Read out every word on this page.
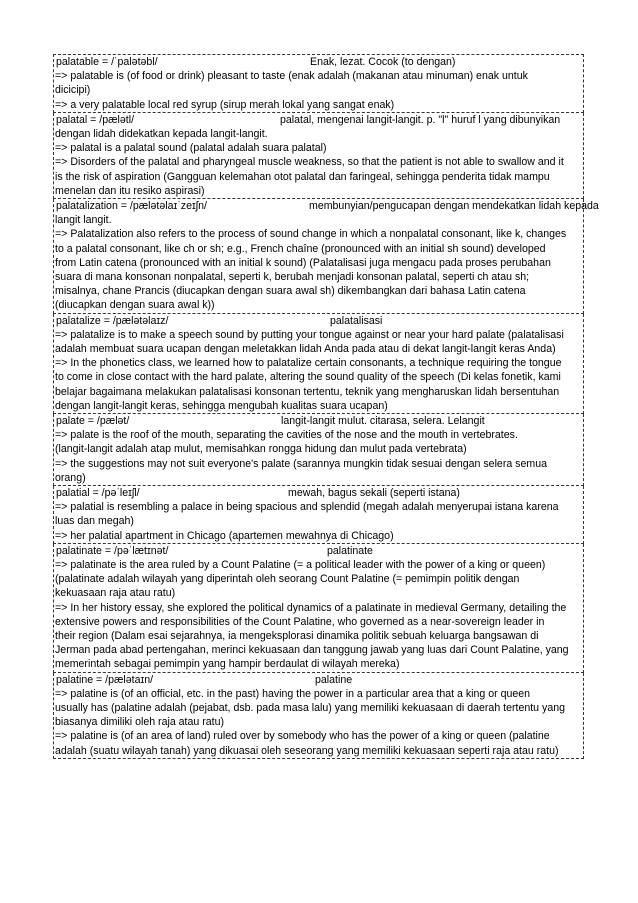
palatable = /ˈpalətəbl/	Enak, lezat. Cocok (to dengan)
=> palatable is (of food or drink) pleasant to taste (enak adalah (makanan atau minuman) enak untuk
dicicipi)
=> a very palatable local red syrup (sirup merah lokal yang sangat enak)
palatal = /pælətl/	palatal, mengenai langit-langit. p. "l" huruf l yang dibunyikan
dengan lidah didekatkan kepada langit-langit.
=> palatal is a palatal sound (palatal adalah suara palatal)
=> Disorders of the palatal and pharyngeal muscle weakness, so that the patient is not able to swallow and it
is the risk of aspiration (Gangguan kelemahan otot palatal dan faringeal, sehingga penderita tidak mampu
menelan dan itu resiko aspirasi)
palatalization = /pælətəlaɪˈzeɪʃn/	membunyian/pengucapan dengan mendekatkan lidah kepada
langit langit.
=> Palatalization also refers to the process of sound change in which a nonpalatal consonant, like k, changes
to a palatal consonant, like ch or sh; e.g., French chaîne (pronounced with an initial sh sound) developed
from Latin catena (pronounced with an initial k sound) (Palatalisasi juga mengacu pada proses perubahan
suara di mana konsonan nonpalatal, seperti k, berubah menjadi konsonan palatal, seperti ch atau sh;
misalnya, chane Prancis (diucapkan dengan suara awal sh) dikembangkan dari bahasa Latin catena
(diucapkan dengan suara awal k))
palatalize = /pælətəlaɪz/	palatalisasi
=> palatalize is to make a speech sound by putting your tongue against or near your hard palate (palatalisasi
adalah membuat suara ucapan dengan meletakkan lidah Anda pada atau di dekat langit-langit keras Anda)
=> In the phonetics class, we learned how to palatalize certain consonants, a technique requiring the tongue
to come in close contact with the hard palate, altering the sound quality of the speech (Di kelas fonetik, kami
belajar bagaimana melakukan palatalisasi konsonan tertentu, teknik yang mengharuskan lidah bersentuhan
dengan langit-langit keras, sehingga mengubah kualitas suara ucapan)
palate = /pælət/	langit-langit mulut. citarasa, selera. Lelangit
=> palate is the roof of the mouth, separating the cavities of the nose and the mouth in vertebrates.
(langit-langit adalah atap mulut, memisahkan rongga hidung dan mulut pada vertebrata)
=> the suggestions may not suit everyone's palate (sarannya mungkin tidak sesuai dengan selera semua
orang)
palatial = /pəˈleɪʃl/	mewah, bagus sekali (seperti istana)
=> palatial is resembling a palace in being spacious and splendid (megah adalah menyerupai istana karena
luas dan megah)
=> her palatial apartment in Chicago (apartemen mewahnya di Chicago)
palatinate = /pəˈlætɪnət/	palatinate
=> palatinate is the area ruled by a Count Palatine (= a political leader with the power of a king or queen)
(palatinate adalah wilayah yang diperintah oleh seorang Count Palatine (= pemimpin politik dengan
kekuasaan raja atau ratu)
=> In her history essay, she explored the political dynamics of a palatinate in medieval Germany, detailing the
extensive powers and responsibilities of the Count Palatine, who governed as a near-sovereign leader in
their region (Dalam esai sejarahnya, ia mengeksplorasi dinamika politik sebuah keluarga bangsawan di
Jerman pada abad pertengahan, merinci kekuasaan dan tanggung jawab yang luas dari Count Palatine, yang
memerintah sebagai pemimpin yang hampir berdaulat di wilayah mereka)
palatine = /pælətaɪn/	palatine
=> palatine is (of an official, etc. in the past) having the power in a particular area that a king or queen
usually has (palatine adalah (pejabat, dsb. pada masa lalu) yang memiliki kekuasaan di daerah tertentu yang
biasanya dimiliki oleh raja atau ratu)
=> palatine is (of an area of land) ruled over by somebody who has the power of a king or queen (palatine
adalah (suatu wilayah tanah) yang dikuasai oleh seseorang yang memiliki kekuasaan seperti raja atau ratu)
